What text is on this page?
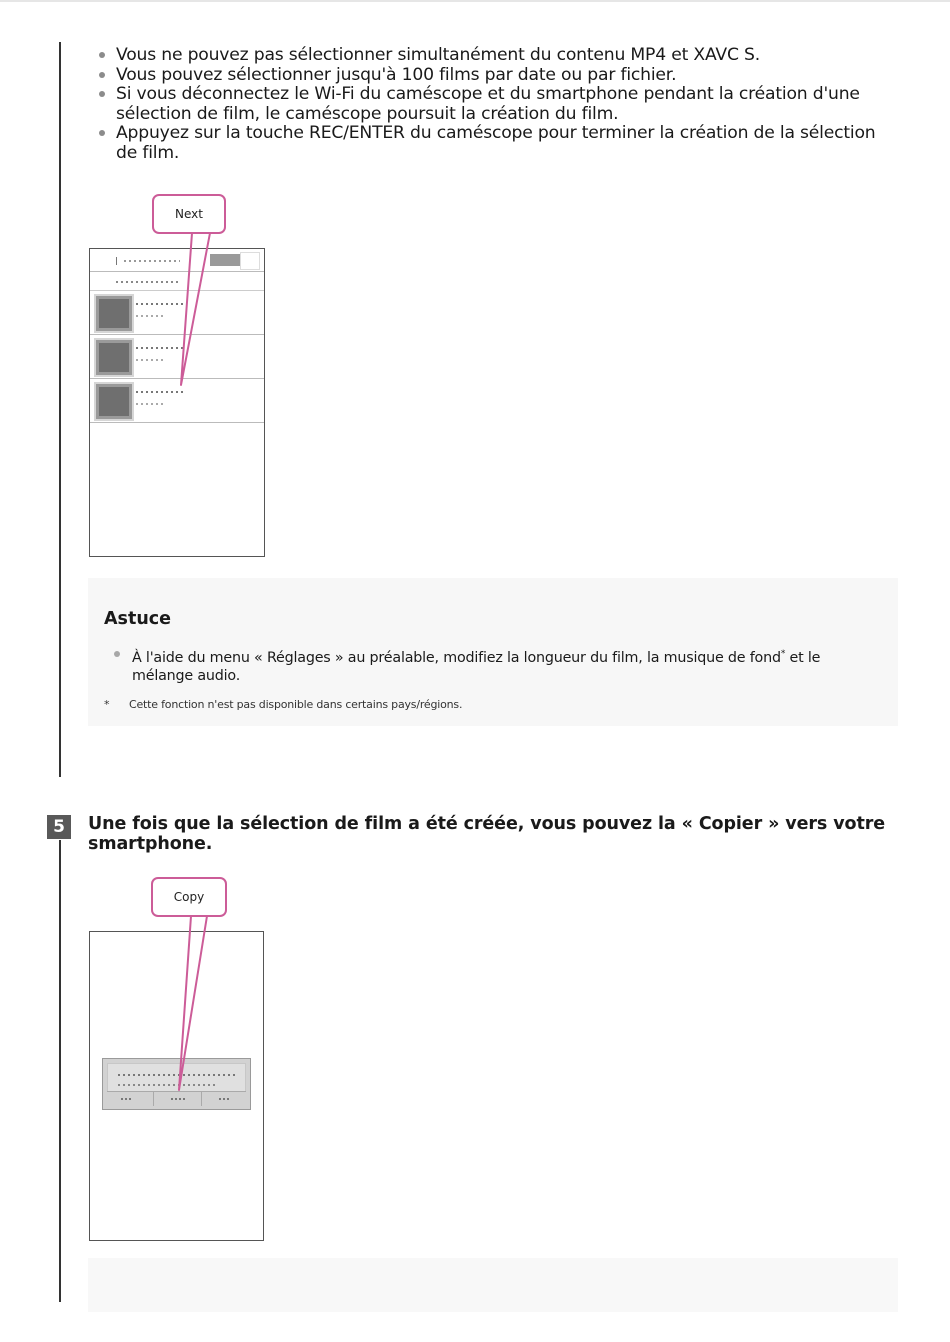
Vous ne pouvez pas sélectionner simultanément du contenu MP4 et XAVC S.
Vous pouvez sélectionner jusqu'à 100 films par date ou par fichier.
Si vous déconnectez le Wi-Fi du caméscope et du smartphone pendant la création d'une sélection de film, le caméscope poursuit la création du film.
Appuyez sur la touche REC/ENTER du caméscope pour terminer la création de la sélection de film.
Next
Astuce
À l'aide du menu « Réglages » au préalable, modifiez la longueur du film, la musique de fond* et le mélange audio.
* Cette fonction n'est pas disponible dans certains pays/régions.
5	Une fois que la sélection de film a été créée, vous pouvez la « Copier » vers votre smartphone.
Copy
